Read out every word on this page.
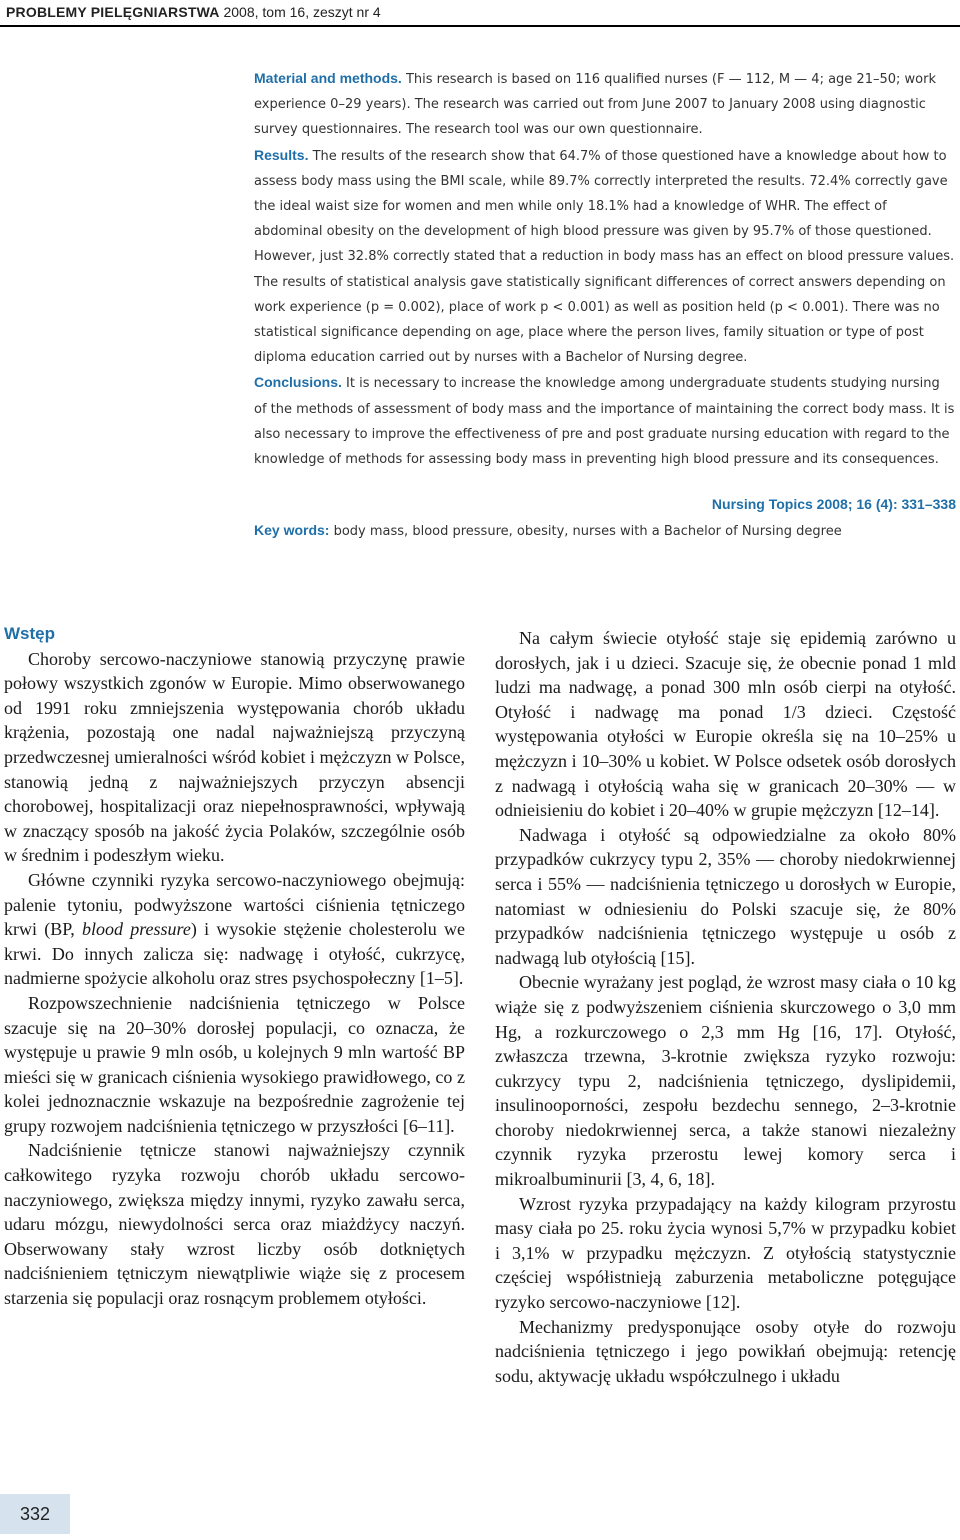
PROBLEMY PIELĘGNIARSTWA 2008, tom 16, zeszyt nr 4

Material and methods. This research is based on 116 qualified nurses (F — 112, M — 4; age 21–50; work experience 0–29 years). The research was carried out from June 2007 to January 2008 using diagnostic survey questionnaires. The research tool was our own questionnaire.

Results. The results of the research show that 64.7% of those questioned have a knowledge about how to assess body mass using the BMI scale, while 89.7% correctly interpreted the results. 72.4% correctly gave the ideal waist size for women and men while only 18.1% had a knowledge of WHR. The effect of abdominal obesity on the development of high blood pressure was given by 95.7% of those questioned. However, just 32.8% correctly stated that a reduction in body mass has an effect on blood pressure values. The results of statistical analysis gave statistically significant differences of correct answers depending on work experience (p = 0.002), place of work p < 0.001) as well as position held (p < 0.001). There was no statistical significance depending on age, place where the person lives, family situation or type of post diploma education carried out by nurses with a Bachelor of Nursing degree.

Conclusions. It is necessary to increase the knowledge among undergraduate students studying nursing of the methods of assessment of body mass and the importance of maintaining the correct body mass. It is also necessary to improve the effectiveness of pre and post graduate nursing education with regard to the knowledge of methods for assessing body mass in preventing high blood pressure and its consequences.

Nursing Topics 2008; 16 (4): 331–338
Key words: body mass, blood pressure, obesity, nurses with a Bachelor of Nursing degree

Wstęp

Choroby sercowo-naczyniowe stanowią przyczynę prawie połowy wszystkich zgonów w Europie. Mimo obserwowanego od 1991 roku zmniejszenia występowania chorób układu krążenia, pozostają one nadal najważniejszą przyczyną przedwczesnej umieralności wśród kobiet i mężczyzn w Polsce, stanowią jedną z najważniejszych przyczyn absencji chorobowej, hospitalizacji oraz niepełnosprawności, wpływają w znaczący sposób na jakość życia Polaków, szczególnie osób w średnim i podeszłym wieku.

Główne czynniki ryzyka sercowo-naczyniowego obejmują: palenie tytoniu, podwyższone wartości ciśnienia tętniczego krwi (BP, blood pressure) i wysokie stężenie cholesterolu we krwi. Do innych zalicza się: nadwagę i otyłość, cukrzycę, nadmierne spożycie alkoholu oraz stres psychospołeczny [1–5].

Rozpowszechnienie nadciśnienia tętniczego w Polsce szacuje się na 20–30% dorosłej populacji, co oznacza, że występuje u prawie 9 mln osób, u kolejnych 9 mln wartość BP mieści się w granicach ciśnienia wysokiego prawidłowego, co z kolei jednoznacznie wskazuje na bezpośrednie zagrożenie tej grupy rozwojem nadciśnienia tętniczego w przyszłości [6–11].

Nadciśnienie tętnicze stanowi najważniejszy czynnik całkowitego ryzyka rozwoju chorób układu sercowo-naczyniowego, zwiększa między innymi, ryzyko zawału serca, udaru mózgu, niewydolności serca oraz miażdżycy naczyń. Obserwowany stały wzrost liczby osób dotkniętych nadciśnieniem tętniczym niewątpliwie wiąże się z procesem starzenia się populacji oraz rosnącym problemem otyłości.

Na całym świecie otyłość staje się epidemią zarówno u dorosłych, jak i u dzieci. Szacuje się, że obecnie ponad 1 mld ludzi ma nadwagę, a ponad 300 mln osób cierpi na otyłość. Otyłość i nadwagę ma ponad 1/3 dzieci. Częstość występowania otyłości w Europie określa się na 10–25% u mężczyzn i 10–30% u kobiet. W Polsce odsetek osób dorosłych z nadwagą i otyłością waha się w granicach 20–30% — w odnieisieniu do kobiet i 20–40% w grupie mężczyzn [12–14].

Nadwaga i otyłość są odpowiedzialne za około 80% przypadków cukrzycy typu 2, 35% — choroby niedokrwiennej serca i 55% — nadciśnienia tętniczego u dorosłych w Europie, natomiast w odniesieniu do Polski szacuje się, że 80% przypadków nadciśnienia tętniczego występuje u osób z nadwagą lub otyłością [15].

Obecnie wyrażany jest pogląd, że wzrost masy ciała o 10 kg wiąże się z podwyższeniem ciśnienia skurczowego o 3,0 mm Hg, a rozkurczowego o 2,3 mm Hg [16, 17]. Otyłość, zwłaszcza trzewna, 3-krotnie zwiększa ryzyko rozwoju: cukrzycy typu 2, nadciśnienia tętniczego, dyslipidemii, insulinooporności, zespołu bezdechu sennego, 2–3-krotnie choroby niedokrwiennej serca, a także stanowi niezależny czynnik ryzyka przerostu lewej komory serca i mikroalbuminurii [3, 4, 6, 18].

Wzrost ryzyka przypadający na każdy kilogram przyrostu masy ciała po 25. roku życia wynosi 5,7% w przypadku kobiet i 3,1% w przypadku mężczyzn. Z otyłością statystycznie częściej współistnieją zaburzenia metaboliczne potęgujące ryzyko sercowo-naczyniowe [12].

Mechanizmy predysponujące osoby otyłe do rozwoju nadciśnienia tętniczego i jego powikłań obejmują: retencję sodu, aktywację układu współczulnego i układu

332
